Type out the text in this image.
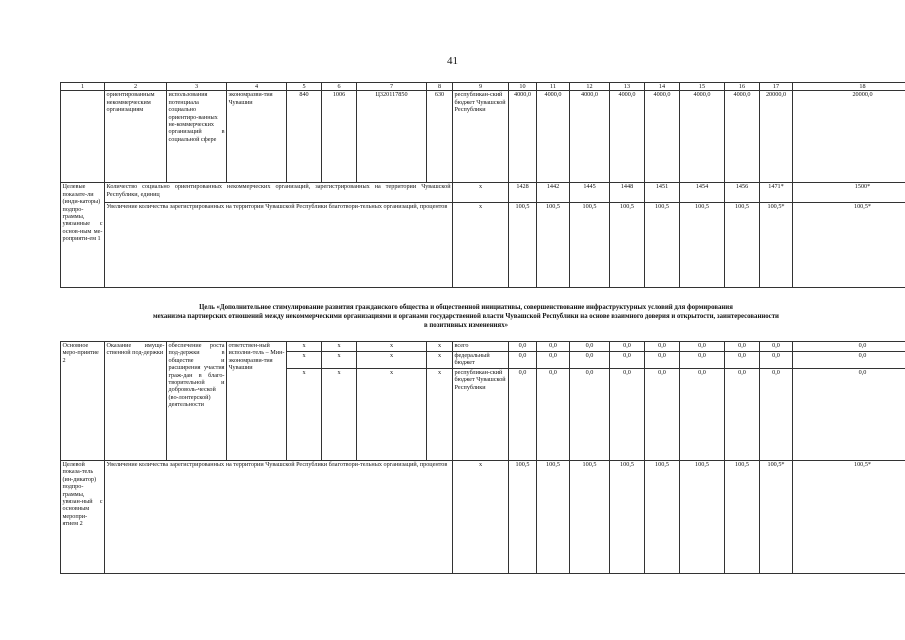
41
1	2	3	4	5	6	7	8	9	10	11	12	13	14	15	16	17	18
	ориентированным некоммерческим организациям	использования потенциала социально ориентиро-ванных не-коммерческих организаций в социальной сфере	экономразви-тия Чувашии	840	1006	Ц320117850	630	республикан-ский бюджет Чувашской Республики	4000,0	4000,0	4000,0	4000,0	4000,0	4000,0	4000,0	20000,0	20000,0
Целевые показате-ли (инди-каторы) подпро-граммы, увязанные с основ-ным ме-роприяти-ем 1	Количество социально ориентированных некоммерческих организаций, зарегистрированных на территории Чувашской Республики, единиц							x	1428	1442	1445	1448	1451	1454	1456	1471*	1500*
	Увеличение количества зарегистрированных на территории Чувашской Республики благотвори-тельных организаций, процентов							x	100,5	100,5	100,5	100,5	100,5	100,5	100,5	100,5*	100,5*
Цель «Дополнительное стимулирование развития гражданского общества и общественной инициативы, совершенствование инфраструктурных условий для формирования
механизма партнерских отношений между некоммерческими организациями и органами государственной власти Чувашской Республики на основе взаимного доверия и открытости, заинтересованности
в позитивных изменениях»
Основное меро-приятие 2	Оказание имуще-ственной под-держки	обеспечение роста под-держки в обществе и расширения участия граж-дан в благо-творительной и доброволь-ческой (во-лонтерской) деятельности	ответствен-ный исполни-тель – Мин-экономразви-тия Чувашии	x	x	x	x	всего	0,0	0,0	0,0	0,0	0,0	0,0	0,0	0,0	0,0
				x	x	x	x	федеральный бюджет	0,0	0,0	0,0	0,0	0,0	0,0	0,0	0,0	0,0
				x	x	x	x	республикан-ский бюджет Чувашской Республики	0,0	0,0	0,0	0,0	0,0	0,0	0,0	0,0	0,0
Целевой показа-тель (ин-дикатор) подпро-граммы, увязан-ный с основным меропри-ятием 2	Увеличение количества зарегистрированных на территории Чувашской Республики благотвори-тельных организаций, процентов							x	100,5	100,5	100,5	100,5	100,5	100,5	100,5	100,5*	100,5*
